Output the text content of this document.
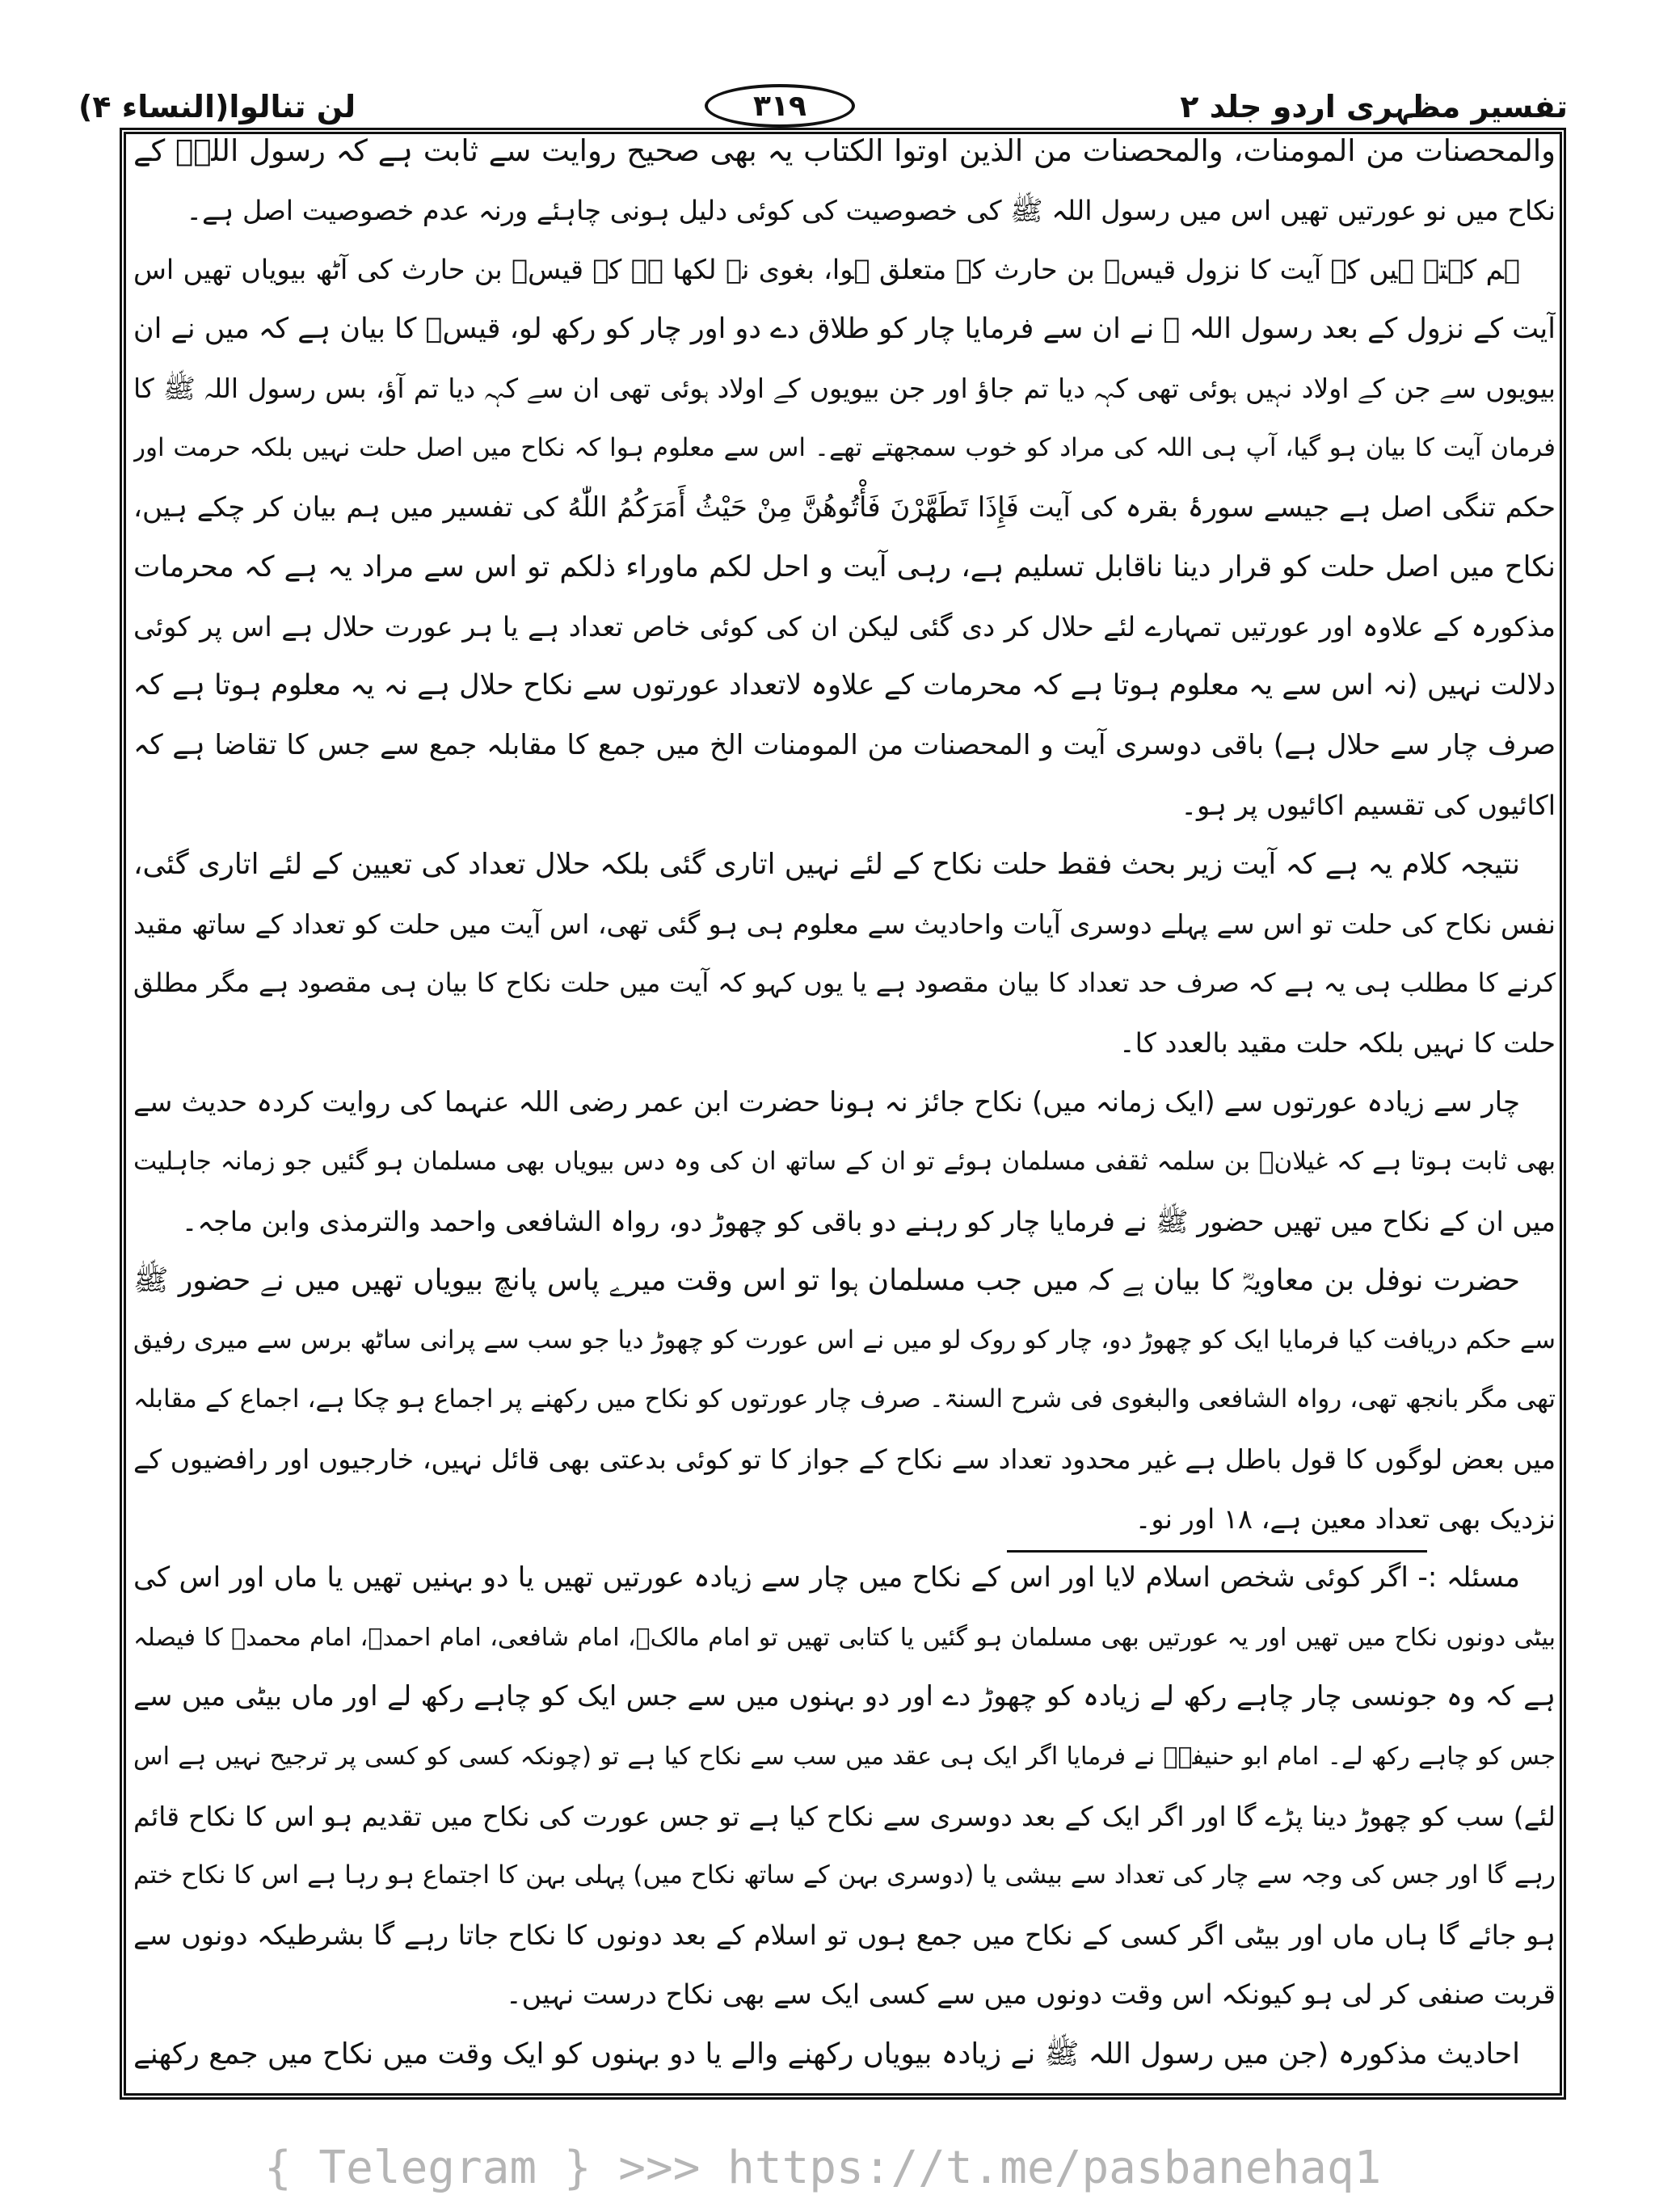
تفسیر مظہری اردو جلد ۲
۳۱۹
لن تنالوا(النساء ۴)
والمحصنات من المومنات، والمحصنات من الذین اوتوا الکتاب یہ بھی صحیح روایت سے ثابت ہے کہ رسول اللہؐ کے
نکاح میں نو عورتیں تھیں اس میں رسول اللہ ﷺ کی خصوصیت کی کوئی دلیل ہونی چاہئے ورنہ عدم خصوصیت اصل ہے۔
ہم کہتے ہیں کہ آیت کا نزول قیسؓ بن حارث کے متعلق ہوا، بغوی نے لکھا ہے کہ قیسؓ بن حارث کی آٹھ بیویاں تھیں اس
آیت کے نزول کے بعد رسول اللہ ﷺ نے ان سے فرمایا چار کو طلاق دے دو اور چار کو رکھ لو، قیسؓ کا بیان ہے کہ میں نے ان
بیویوں سے جن کے اولاد نہیں ہوئی تھی کہہ دیا تم جاؤ اور جن بیویوں کے اولاد ہوئی تھی ان سے کہہ دیا تم آؤ، بس رسول اللہ ﷺ کا
فرمان آیت کا بیان ہو گیا، آپ ہی اللہ کی مراد کو خوب سمجھتے تھے۔ اس سے معلوم ہوا کہ نکاح میں اصل حلت نہیں بلکہ حرمت اور
حکم تنگی اصل ہے جیسے سورۂ بقرہ کی آیت فَإِذَا تَطَهَّرْنَ فَأْتُوهُنَّ مِنْ حَيْثُ أَمَرَكُمُ اللّٰهُ کی تفسیر میں ہم بیان کر چکے ہیں،
نکاح میں اصل حلت کو قرار دینا ناقابل تسلیم ہے، رہی آیت و احل لکم ماوراء ذلکم تو اس سے مراد یہ ہے کہ محرمات
مذکورہ کے علاوہ اور عورتیں تمہارے لئے حلال کر دی گئی لیکن ان کی کوئی خاص تعداد ہے یا ہر عورت حلال ہے اس پر کوئی
دلالت نہیں (نہ اس سے یہ معلوم ہوتا ہے کہ محرمات کے علاوہ لاتعداد عورتوں سے نکاح حلال ہے نہ یہ معلوم ہوتا ہے کہ
صرف چار سے حلال ہے) باقی دوسری آیت و المحصنات من المومنات الخ میں جمع کا مقابلہ جمع سے جس کا تقاضا ہے کہ
اکائیوں کی تقسیم اکائیوں پر ہو۔
نتیجہ کلام یہ ہے کہ آیت زیر بحث فقط حلت نکاح کے لئے نہیں اتاری گئی بلکہ حلال تعداد کی تعیین کے لئے اتاری گئی،
نفس نکاح کی حلت تو اس سے پہلے دوسری آیات واحادیث سے معلوم ہی ہو گئی تھی، اس آیت میں حلت کو تعداد کے ساتھ مقید
کرنے کا مطلب ہی یہ ہے کہ صرف حد تعداد کا بیان مقصود ہے یا یوں کہو کہ آیت میں حلت نکاح کا بیان ہی مقصود ہے مگر مطلق
حلت کا نہیں بلکہ حلت مقید بالعدد کا۔
چار سے زیادہ عورتوں سے (ایک زمانہ میں) نکاح جائز نہ ہونا حضرت ابن عمر رضی اللہ عنہما کی روایت کردہ حدیث سے
بھی ثابت ہوتا ہے کہ غیلانؓ بن سلمہ ثقفی مسلمان ہوئے تو ان کے ساتھ ان کی وہ دس بیویاں بھی مسلمان ہو گئیں جو زمانہ جاہلیت
میں ان کے نکاح میں تھیں حضور ﷺ نے فرمایا چار کو رہنے دو باقی کو چھوڑ دو، رواہ الشافعی واحمد والترمذی وابن ماجہ۔
حضرت نوفل بن معاویہؓ کا بیان ہے کہ میں جب مسلمان ہوا تو اس وقت میرے پاس پانچ بیویاں تھیں میں نے حضور ﷺ
سے حکم دریافت کیا فرمایا ایک کو چھوڑ دو، چار کو روک لو میں نے اس عورت کو چھوڑ دیا جو سب سے پرانی ساٹھ برس سے میری رفیق
تھی مگر بانجھ تھی، رواہ الشافعی والبغوی فی شرح السنۃ۔ صرف چار عورتوں کو نکاح میں رکھنے پر اجماع ہو چکا ہے، اجماع کے مقابلہ
میں بعض لوگوں کا قول باطل ہے غیر محدود تعداد سے نکاح کے جواز کا تو کوئی بدعتی بھی قائل نہیں، خارجیوں اور رافضیوں کے
نزدیک بھی تعداد معین ہے، ۱۸ اور نو۔
مسئلہ :- اگر کوئی شخص اسلام لایا اور اس کے نکاح میں چار سے زیادہ عورتیں تھیں یا دو بہنیں تھیں یا ماں اور اس کی
بیٹی دونوں نکاح میں تھیں اور یہ عورتیں بھی مسلمان ہو گئیں یا کتابی تھیں تو امام مالکؒ، امام شافعی، امام احمدؒ، امام محمدؒ کا فیصلہ
ہے کہ وہ جونسی چار چاہے رکھ لے زیادہ کو چھوڑ دے اور دو بہنوں میں سے جس ایک کو چاہے رکھ لے اور ماں بیٹی میں سے
جس کو چاہے رکھ لے۔ امام ابو حنیفہؒ نے فرمایا اگر ایک ہی عقد میں سب سے نکاح کیا ہے تو (چونکہ کسی کو کسی پر ترجیح نہیں ہے اس
لئے) سب کو چھوڑ دینا پڑے گا اور اگر ایک کے بعد دوسری سے نکاح کیا ہے تو جس عورت کی نکاح میں تقدیم ہو اس کا نکاح قائم
رہے گا اور جس کی وجہ سے چار کی تعداد سے بیشی یا (دوسری بہن کے ساتھ نکاح میں) پہلی بہن کا اجتماع ہو رہا ہے اس کا نکاح ختم
ہو جائے گا ہاں ماں اور بیٹی اگر کسی کے نکاح میں جمع ہوں تو اسلام کے بعد دونوں کا نکاح جاتا رہے گا بشرطیکہ دونوں سے
قربت صنفی کر لی ہو کیونکہ اس وقت دونوں میں سے کسی ایک سے بھی نکاح درست نہیں۔
احادیث مذکورہ (جن میں رسول اللہ ﷺ نے زیادہ بیویاں رکھنے والے یا دو بہنوں کو ایک وقت میں نکاح میں جمع رکھنے
{ Telegram } >>> https://t.me/pasbanehaq1
